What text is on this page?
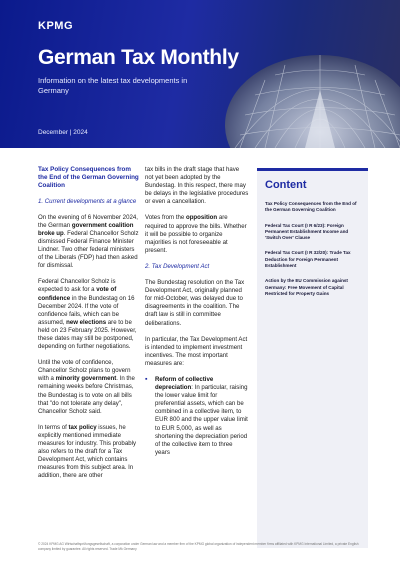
KPMG
German Tax Monthly
Information on the latest tax developments in Germany
December | 2024
Tax Policy Consequences from the End of the German Governing Coalition
1. Current developments at a glance

On the evening of 6 November 2024, the German government coalition broke up. Federal Chancellor Scholz dismissed Federal Finance Minister Lindner. Two other federal ministers of the Liberals (FDP) had then asked for dismissal.

Federal Chancellor Scholz is expected to ask for a vote of confidence in the Bundestag on 16 December 2024. If the vote of confidence fails, which can be assumed, new elections are to be held on 23 February 2025. However, these dates may still be postponed, depending on further negotiations.

Until the vote of confidence, Chancellor Scholz plans to govern with a minority government. In the remaining weeks before Christmas, the Bundestag is to vote on all bills that "do not tolerate any delay", Chancellor Scholz said.

In terms of tax policy issues, he explicitly mentioned immediate measures for industry. This probably also refers to the draft for a Tax Development Act, which contains measures from this subject area. In addition, there are other

tax bills in the draft stage that have not yet been adopted by the Bundestag. In this respect, there may be delays in the legislative procedures or even a cancellation.

Votes from the opposition are required to approve the bills. Whether it will be possible to organize majorities is not foreseeable at present.

2. Tax Development Act

The Bundestag resolution on the Tax Development Act, originally planned for mid-October, was delayed due to disagreements in the coalition. The draft law is still in committee deliberations.

In particular, the Tax Development Act is intended to implement investment incentives. The most important measures are:

▪ Reform of collective depreciation: In particular, raising the lower value limit for preferential assets, which can be combined in a collective item, to EUR 800 and the upper value limit to EUR 5,000, as well as shortening the depreciation period of the collective item to three years

Content
Tax Policy Consequences from the End of the German Governing Coalition
Federal Tax Court (I R 6/23): Foreign Permanent Establishment Income and 'Switch Over' Clause
Federal Tax Court (I R 32/20): Trade Tax Deduction for Foreign Permanent Establishment
Action by the EU Commission against Germany: Free Movement of Capital Restricted for Property Gains
© 2024 KPMG AG Wirtschaftsprüfungsgesellschaft, a corporation under German law and a member firm of the KPMG global organization of independent member firms affiliated with KPMG International Limited, a private English company limited by guarantee. All rights reserved. Trade Mk Germany
